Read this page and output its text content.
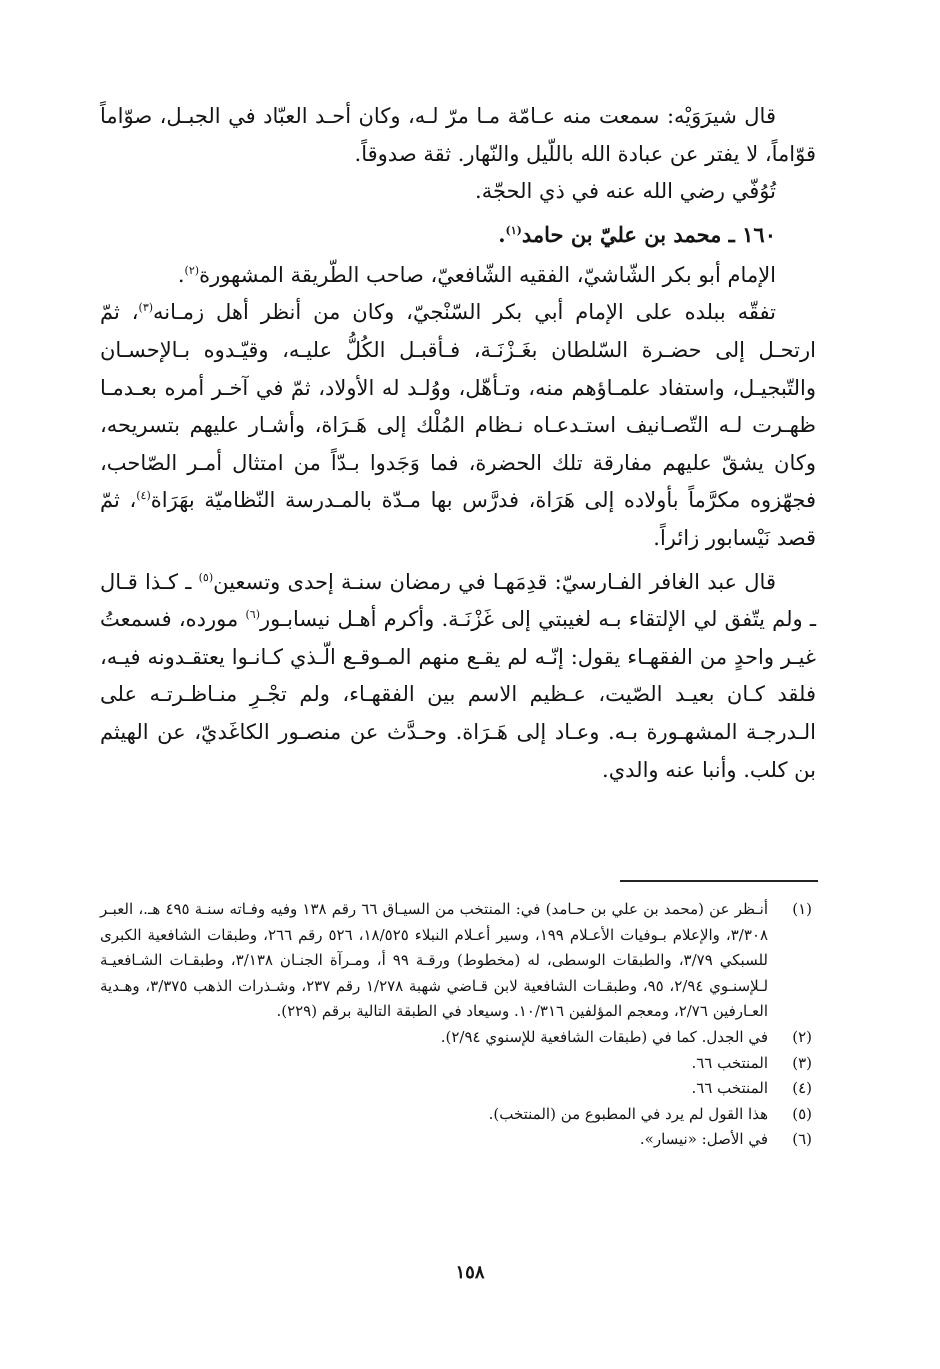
قال شيرَوَيْه: سمعت منه عـامّة مـا مرّ لـه، وكان أحـد العبّاد في الجبـل، صوّاماً قوّاماً، لا يفتر عن عبادة الله باللّيل والنّهار. ثقة صدوقاً.

تُوُفّي رضي الله عنه في ذي الحجّة.

١٦٠ ـ محمد بن عليّ بن حامد$^{(١)}$.

الإمام أبو بكر الشّاشيّ، الفقيه الشّافعيّ، صاحب الطّريقة المشهورة$^{(٢)}$.

تفقّه ببلده على الإمام أبي بكر السّنْجيّ، وكان من أنظر أهل زمـانه$^{(٣)}$، ثمّ ارتحـل إلى حضـرة السّلطان بغَـزْنَـة، فـأقبـل الكُلُّ عليـه، وقيّـدوه بـالإحسـان والتّبجيـل، واستفاد علمـاؤهم منه، وتـأهّل، ووُلـد له الأولاد، ثمّ في آخـر أمره بعـدمـا ظهـرت لـه التّصـانيف استـدعـاه نـظام المُلْك إلى هَـرَاة، وأشـار عليهم بتسريحه، وكان يشقّ عليهم مفارقة تلك الحضرة، فما وَجَدوا بـدّاً من امتثال أمـر الصّاحب، فجهّزوه مكرَّماً بأولاده إلى هَرَاة، فدرَّس بها مـدّة بالمـدرسة النّظاميّة بهَرَاة$^{(٤)}$، ثمّ قصد نَيْسابور زائراً.

قال عبد الغافر الفـارسيّ: قدِمَهـا في رمضان سنـة إحدى وتسعين$^{(٥)}$ ـ كـذا قـال ـ ولم يتّفق لي الإلتقاء بـه لغيبتي إلى غَزْنَـة. وأكرم أهـل نيسابـور$^{(٦)}$ مورده، فسمعتُ غيـر واحدٍ من الفقهـاء يقول: إنّـه لم يقـع منهم المـوقـع الّـذي كـانـوا يعتقـدونه فيـه، فلقد كـان بعيـد الصّيت، عـظيم الاسم بين الفقهـاء، ولم تجْـرِ منـاظـرتـه على الـدرجـة المشهـورة بـه. وعـاد إلى هَـرَاة. وحـدَّث عن منصـور الكاغَديّ، عن الهيثم بن كلب. وأنبا عنه والدي.

(١)
أنـظر عن (محمد بن علي بن حـامد) في: المنتخب من السيـاق ٦٦ رقم ١٣٨ وفيه وفـاته سنـة ٤٩٥ هـ.، العبـر ٣/٣٠٨، والإعلام بـوفيات الأعـلام ١٩٩، وسير أعـلام النبلاء ١٨/٥٢٥، ٥٢٦ رقم ٢٦٦، وطبقات الشافعية الكبرى للسبكي ٣/٧٩، والطبقات الوسطى، له (مخطوط) ورقـة ٩٩ أ، ومـرآة الجنـان ٣/١٣٨، وطبقـات الشـافعيـة لـلإسنـوي ٢/٩٤، ٩٥، وطبقـات الشافعية لابن قـاضي شهبة ١/٢٧٨ رقم ٢٣٧، وشـذرات الذهب ٣/٣٧٥، وهـدية العـارفين ٢/٧٦، ومعجم المؤلفين ١٠/٣١٦. وسيعاد في الطبقة التالية برقم (٢٢٩).
(٢)
في الجدل. كما في (طبقات الشافعية للإسنوي ٢/٩٤).
(٣)
المنتخب ٦٦.
(٤)
المنتخب ٦٦.
(٥)
هذا القول لم يرد في المطبوع من (المنتخب).
(٦)
في الأصل: «نيسار».
١٥٨
